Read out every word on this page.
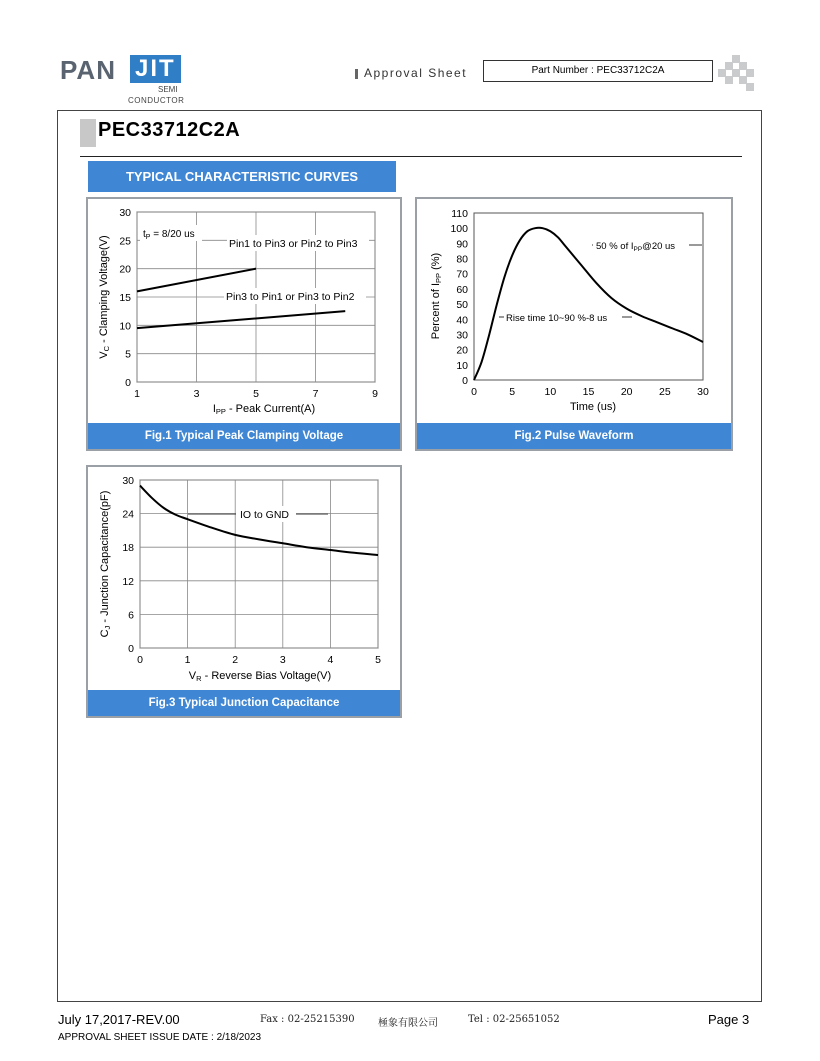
PAN JIT
SEMI
CONDUCTOR
Approval Sheet	Part Number : PEC33712C2A
PEC33712C2A
TYPICAL CHARACTERISTIC CURVES
0
5
10
15
20
25
30
1	3	5	7	9
$t_P = 8/20$ us
Pin1 to Pin3 or Pin2 to Pin3
Pin3 to Pin1 or Pin3 to Pin2
VC - Clamping Voltage(V)
IPP - Peak Current(A)
Fig.1 Typical Peak Clamping Voltage
0
10
20
30
40
50
60
70
80
90
100
110
0	5	10	15	20	25	30
50 % of $I_{PP}@20$ us
Rise time 10~90 %-8 us
Percent of IPP (%)
Time (us)
Fig.2 Pulse Waveform
0
6
12
18
24
30
0	1	2	3	4	5
IO to GND
CJ - Junction Capacitance(pF)
VR - Reverse Bias Voltage(V)
Fig.3 Typical Junction Capacitance
July 17,2017-REV.00	Fax : 02-25215390 極象有限公司	Tel : 02-25651052	Page 3
APPROVAL SHEET ISSUE DATE : 2/18/2023
